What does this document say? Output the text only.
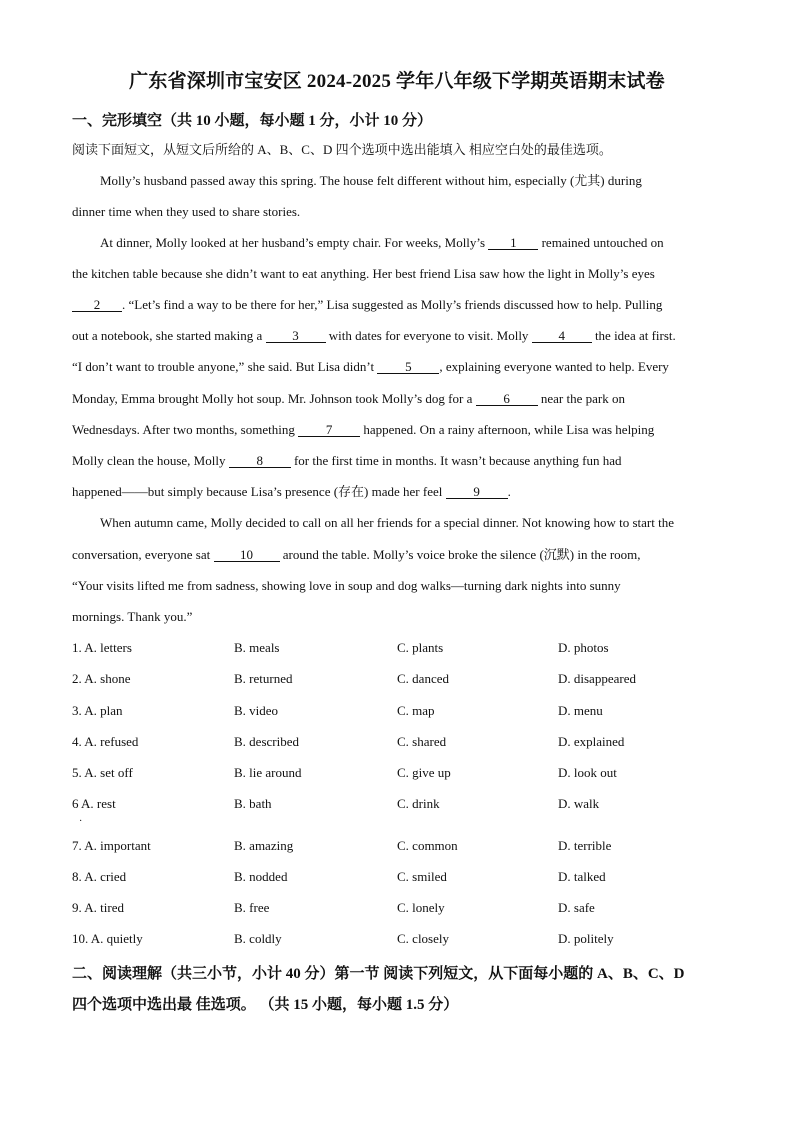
广东省深圳市宝安区 2024-2025 学年八年级下学期英语期末试卷
一、完形填空（共 10 小题，每小题 1 分，小计 10 分）
阅读下面短文，从短文后所给的 A、B、C、D 四个选项中选出能填入 相应空白处的最佳选项。
Molly’s husband passed away this spring. The house felt different without him, especially (尤其) during
dinner time when they used to share stories.
At dinner, Molly looked at her husband’s empty chair. For weeks, Molly’s 1 remained untouched on
the kitchen table because she didn’t want to eat anything. Her best friend Lisa saw how the light in Molly’s eyes
2 . “Let’s find a way to be there for her,” Lisa suggested as Molly’s friends discussed how to help. Pulling
out a notebook, she started making a 3 with dates for everyone to visit. Molly 4 the idea at first.
“I don’t want to trouble anyone,” she said. But Lisa didn’t 5 , explaining everyone wanted to help. Every
Monday, Emma brought Molly hot soup. Mr. Johnson took Molly’s dog for a 6 near the park on
Wednesdays. After two months, something 7 happened. On a rainy afternoon, while Lisa was helping
Molly clean the house, Molly 8 for the first time in months. It wasn’t because anything fun had
happened——but simply because Lisa’s presence (存在) made her feel 9 .
When autumn came, Molly decided to call on all her friends for a special dinner. Not knowing how to start the
conversation, everyone sat 10 around the table. Molly’s voice broke the silence (沉默) in the room,
“Your visits lifted me from sadness, showing love in soup and dog walks—turning dark nights into sunny
mornings. Thank you.”
1. A. letters	B. meals	C. plants	D. photos
2. A. shone	B. returned	C. danced	D. disappeared
3. A. plan	B. video	C. map	D. menu
4. A. refused	B. described	C. shared	D. explained
5. A. set off	B. lie around	C. give up	D. look out
6 A. rest	B. bath	C. drink	D. walk
·
7. A. important	B. amazing	C. common	D. terrible
8. A. cried	B. nodded	C. smiled	D. talked
9. A. tired	B. free	C. lonely	D. safe
10. A. quietly	B. coldly	C. closely	D. politely
二、阅读理解（共三小节，小计 40 分）第一节 阅读下列短文，从下面每小题的 A、B、C、D
四个选项中选出最 佳选项。 （共 15 小题，每小题 1.5 分）
